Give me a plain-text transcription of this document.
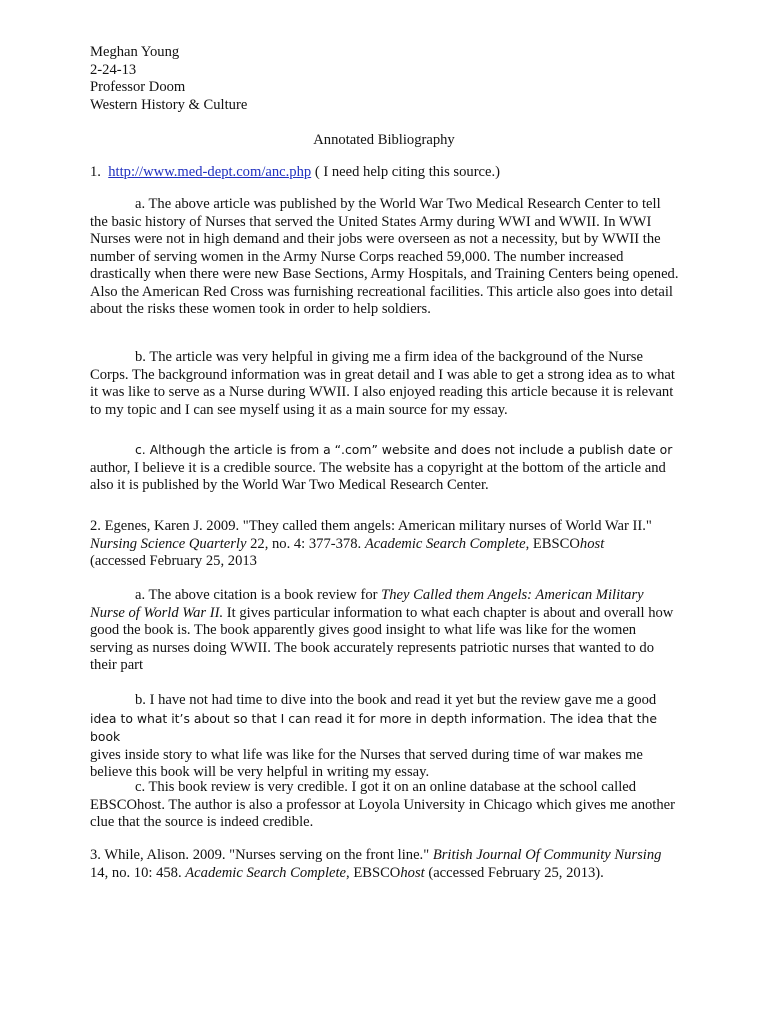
Meghan Young
2-24-13
Professor Doom
Western History & Culture
Annotated Bibliography

1. http://www.med-dept.com/anc.php ( I need help citing this source.)

a. The above article was published by the World War Two Medical Research Center to tell the basic history of Nurses that served the United States Army during WWI and WWII. In WWI Nurses were not in high demand and their jobs were overseen as not a necessity, but by WWII the number of serving women in the Army Nurse Corps reached 59,000. The number increased drastically when there were new Base Sections, Army Hospitals, and Training Centers being opened. Also the American Red Cross was furnishing recreational facilities. This article also goes into detail about the risks these women took in order to help soldiers.

b. The article was very helpful in giving me a firm idea of the background of the Nurse Corps. The background information was in great detail and I was able to get a strong idea as to what it was like to serve as a Nurse during WWII. I also enjoyed reading this article because it is relevant to my topic and I can see myself using it as a main source for my essay.

c. Although the article is from a “.com” website and does not include a publish date or
author, I believe it is a credible source. The website has a copyright at the bottom of the article and also it is published by the World War Two Medical Research Center.

2. Egenes, Karen J. 2009. "They called them angels: American military nurses of World War II." Nursing Science Quarterly 22, no. 4: 377-378. Academic Search Complete, EBSCOhost
(accessed February 25, 2013

a. The above citation is a book review for They Called them Angels: American Military Nurse of World War II. It gives particular information to what each chapter is about and overall how good the book is. The book apparently gives good insight to what life was like for the women serving as nurses doing WWII. The book accurately represents patriotic nurses that wanted to do their part

b. I have not had time to dive into the book and read it yet but the review gave me a good
idea to what it’s about so that I can read it for more in depth information. The idea that the book
gives inside story to what life was like for the Nurses that served during time of war makes me believe this book will be very helpful in writing my essay.

c. This book review is very credible. I got it on an online database at the school called EBSCOhost. The author is also a professor at Loyola University in Chicago which gives me another clue that the source is indeed credible.

3. While, Alison. 2009. "Nurses serving on the front line." British Journal Of Community Nursing 14, no. 10: 458. Academic Search Complete, EBSCOhost (accessed February 25, 2013).
